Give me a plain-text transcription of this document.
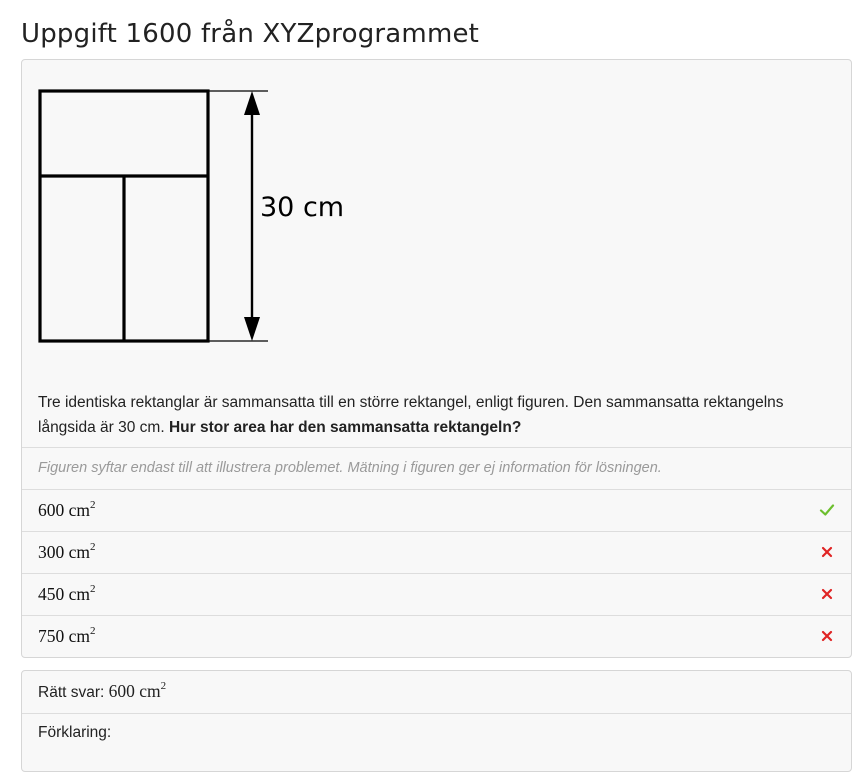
Uppgift 1600 från XYZprogrammet
30 cm
Tre identiska rektanglar är sammansatta till en större rektangel, enligt figuren. Den sammansatta rektangelns långsida är 30 cm. Hur stor area har den sammansatta rektangeln?
Figuren syftar endast till att illustrera problemet. Mätning i figuren ger ej information för lösningen.
600 $cm^2$
300 $cm^2$
450 $cm^2$
750 $cm^2$
Rätt svar: 600 $cm^2$
Förklaring:
